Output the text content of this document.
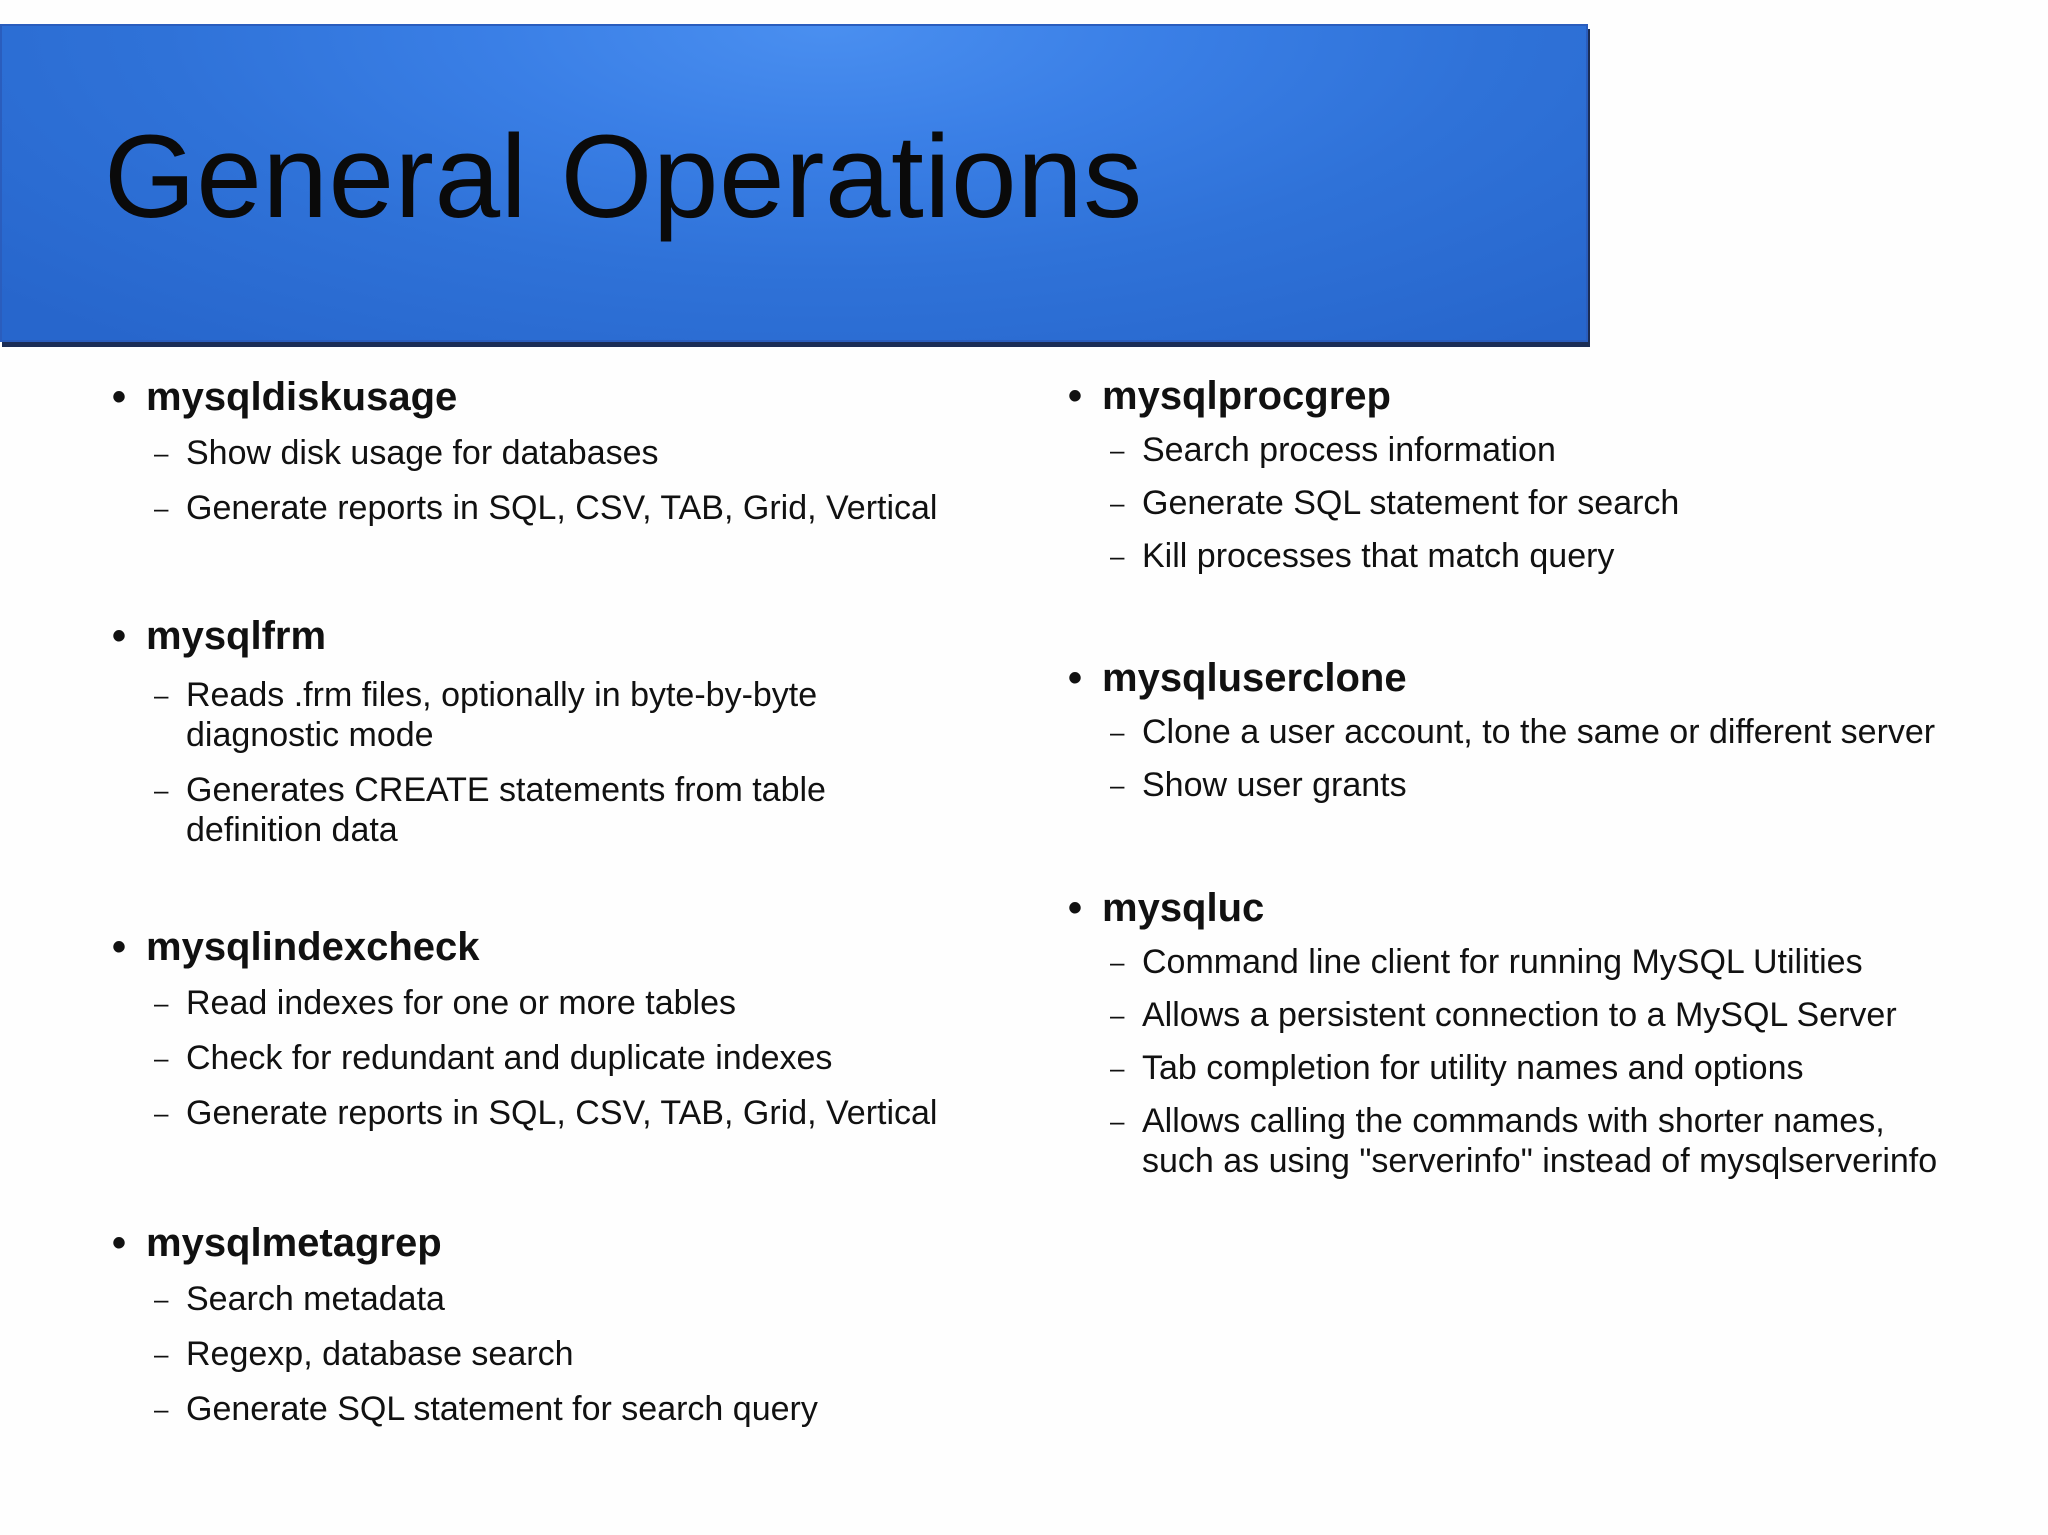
General Operations
• mysqldiskusage
– Show disk usage for databases
– Generate reports in SQL, CSV, TAB, Grid, Vertical
• mysqlfrm
– Reads .frm files, optionally in byte-by-byte
diagnostic mode
– Generates CREATE statements from table
definition data
• mysqlindexcheck
– Read indexes for one or more tables
– Check for redundant and duplicate indexes
– Generate reports in SQL, CSV, TAB, Grid, Vertical
• mysqlmetagrep
– Search metadata
– Regexp, database search
– Generate SQL statement for search query
• mysqlprocgrep
– Search process information
– Generate SQL statement for search
– Kill processes that match query
• mysqluserclone
– Clone a user account, to the same or different server
– Show user grants
• mysqluc
– Command line client for running MySQL Utilities
– Allows a persistent connection to a MySQL Server
– Tab completion for utility names and options
– Allows calling the commands with shorter names,
such as using "serverinfo" instead of mysqlserverinfo
